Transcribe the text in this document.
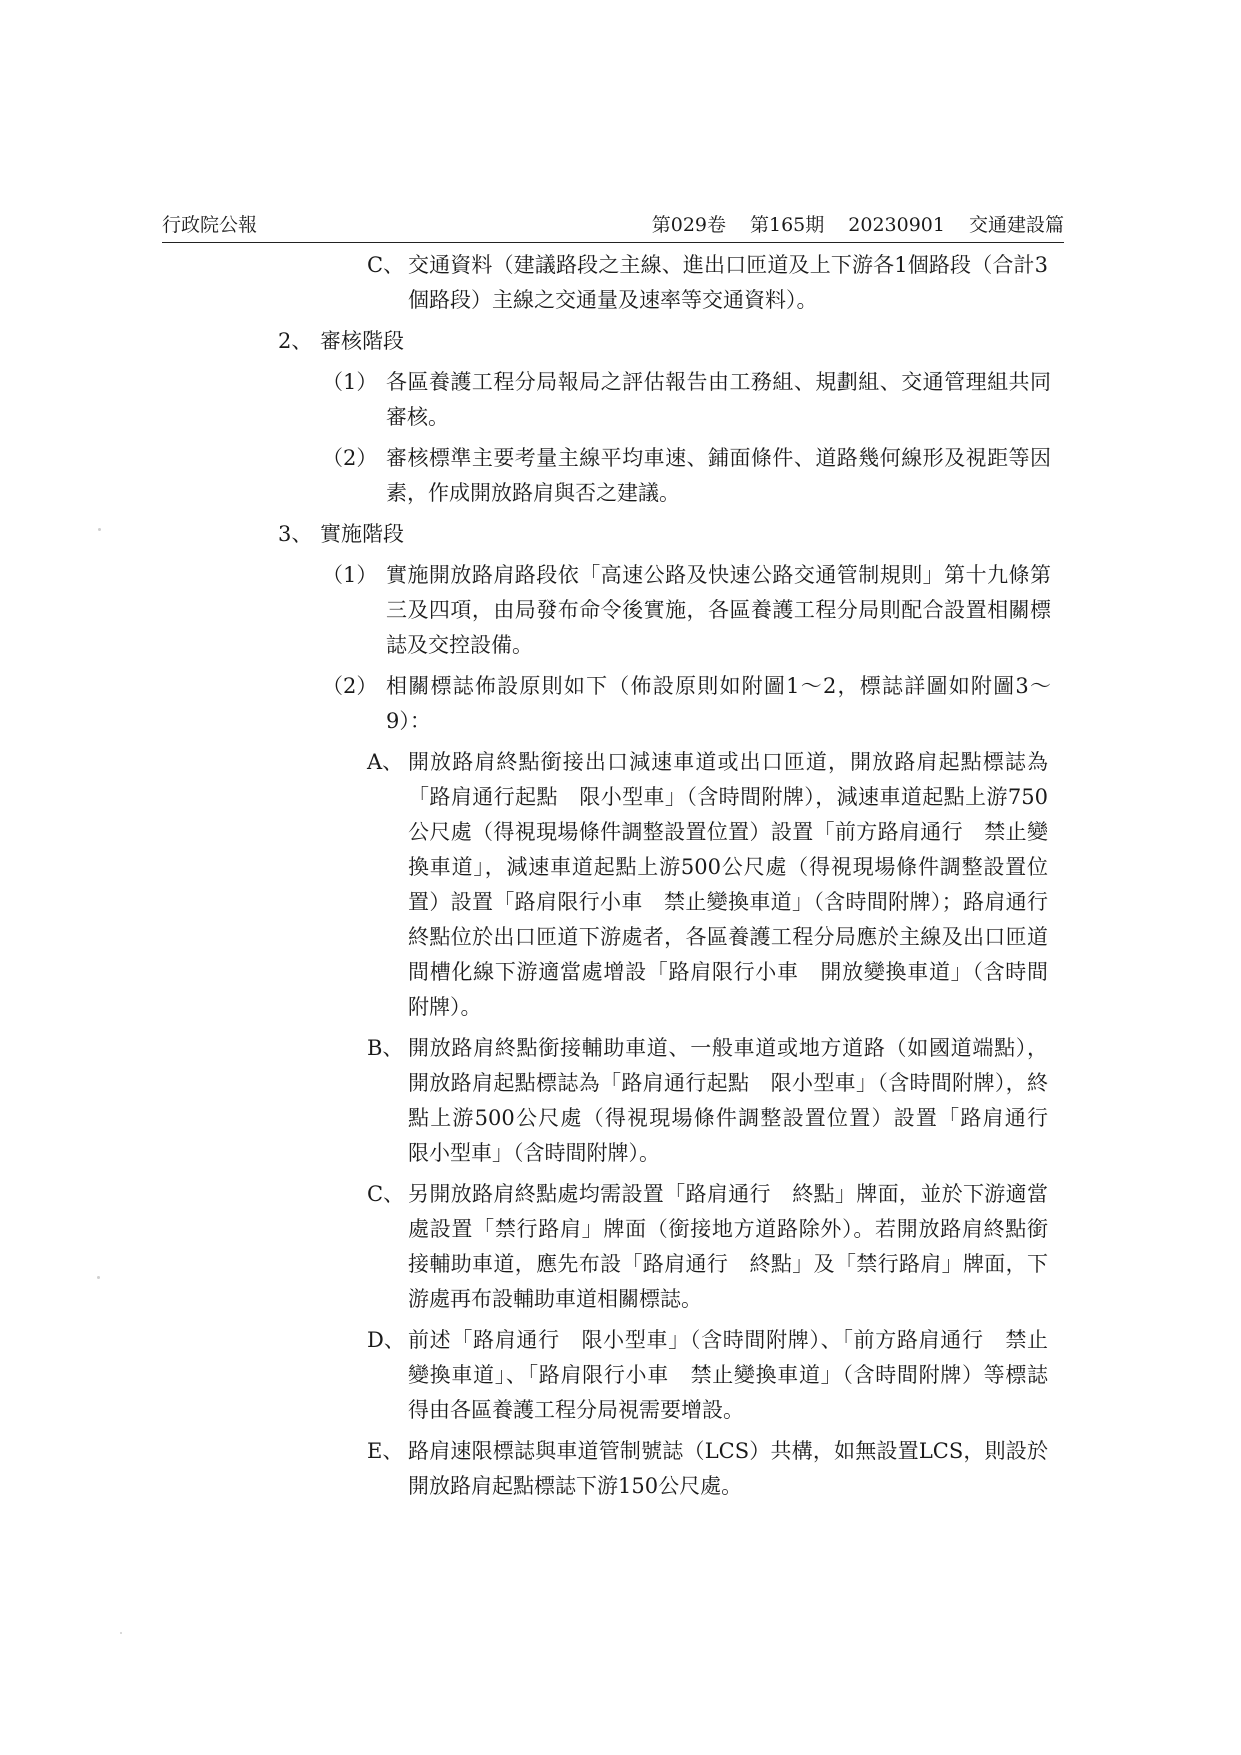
行政院公報	第029卷 第165期 20230901 交通建設篇
C、 交通資料（建議路段之主線、進出口匝道及上下游各1個路段（合計3個路段）主線之交通量及速率等交通資料）。
2、 審核階段
（1） 各區養護工程分局報局之評估報告由工務組、規劃組、交通管理組共同審核。
（2） 審核標準主要考量主線平均車速、鋪面條件、道路幾何線形及視距等因素，作成開放路肩與否之建議。
3、 實施階段
（1） 實施開放路肩路段依「高速公路及快速公路交通管制規則」第十九條第三及四項，由局發布命令後實施，各區養護工程分局則配合設置相關標誌及交控設備。
（2） 相關標誌佈設原則如下（佈設原則如附圖1～2，標誌詳圖如附圖3～9）：
A、 開放路肩終點銜接出口減速車道或出口匝道，開放路肩起點標誌為「路肩通行起點　限小型車」（含時間附牌），減速車道起點上游750公尺處（得視現場條件調整設置位置）設置「前方路肩通行　禁止變換車道」，減速車道起點上游500公尺處（得視現場條件調整設置位置）設置「路肩限行小車　禁止變換車道」（含時間附牌）；路肩通行終點位於出口匝道下游處者，各區養護工程分局應於主線及出口匝道間槽化線下游適當處增設「路肩限行小車　開放變換車道」（含時間附牌）。
B、 開放路肩終點銜接輔助車道、一般車道或地方道路（如國道端點），開放路肩起點標誌為「路肩通行起點　限小型車」（含時間附牌），終點上游500公尺處（得視現場條件調整設置位置）設置「路肩通行　限小型車」（含時間附牌）。
C、 另開放路肩終點處均需設置「路肩通行　終點」牌面，並於下游適當處設置「禁行路肩」牌面（銜接地方道路除外）。若開放路肩終點銜接輔助車道，應先布設「路肩通行　終點」及「禁行路肩」牌面，下游處再布設輔助車道相關標誌。
D、 前述「路肩通行　限小型車」（含時間附牌）、「前方路肩通行　禁止變換車道」、「路肩限行小車　禁止變換車道」（含時間附牌）等標誌得由各區養護工程分局視需要增設。
E、 路肩速限標誌與車道管制號誌（LCS）共構，如無設置LCS，則設於開放路肩起點標誌下游150公尺處。
